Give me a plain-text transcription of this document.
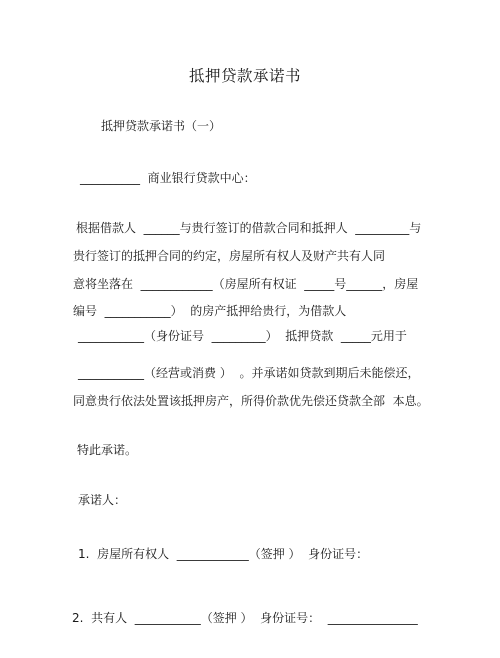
抵押贷款承诺书
抵押贷款承诺书（一）
__________  商业银行贷款中心：
根据借款人  ______与贵行签订的借款合同和抵押人  _________与
贵行签订的抵押合同的约定，房屋所有权人及财产共有人同
意将坐落在  ____________（房屋所有权证  _____号______，房屋
编号  ___________）  的房产抵押给贵行，为借款人
___________（身份证号  _________）  抵押贷款  _____元用于
___________（经营或消费 ）  。并承诺如贷款到期后未能偿还，
同意贵行依法处置该抵押房产，所得价款优先偿还贷款全部  本息。
特此承诺。
承诺人：
1.  房屋所有权人  ____________（签押 ）  身份证号：
2.  共有人  ___________（签押 ）  身份证号：  _______________
